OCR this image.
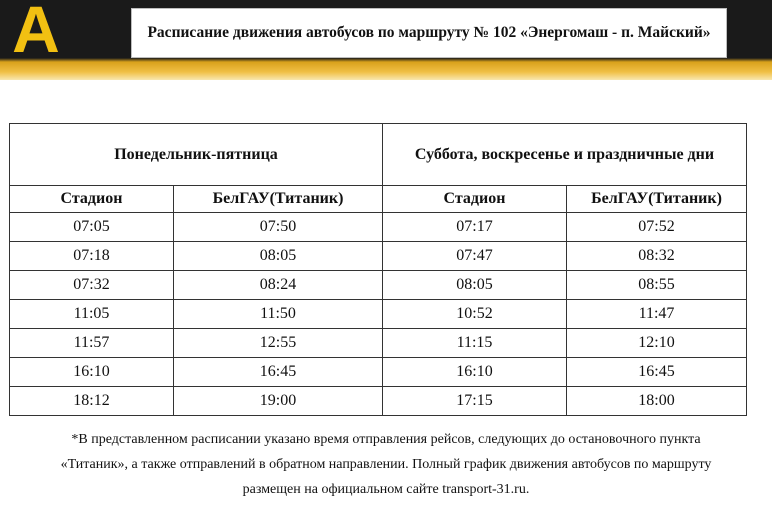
A	Расписание движения автобусов по маршруту № 102 «Энергомаш - п. Майский»
Понедельник-пятница		Суббота, воскресенье и праздничные дни	
Стадион	БелГАУ(Титаник)	Стадион	БелГАУ(Титаник)
07:05	07:50	07:17	07:52
07:18	08:05	07:47	08:32
07:32	08:24	08:05	08:55
11:05	11:50	10:52	11:47
11:57	12:55	11:15	12:10
16:10	16:45	16:10	16:45
18:12	19:00	17:15	18:00
*В представленном расписании указано время отправления рейсов, следующих до остановочного пункта
«Титаник», а также отправлений в обратном направлении. Полный график движения автобусов по маршруту
размещен на официальном сайте transport-31.ru.
